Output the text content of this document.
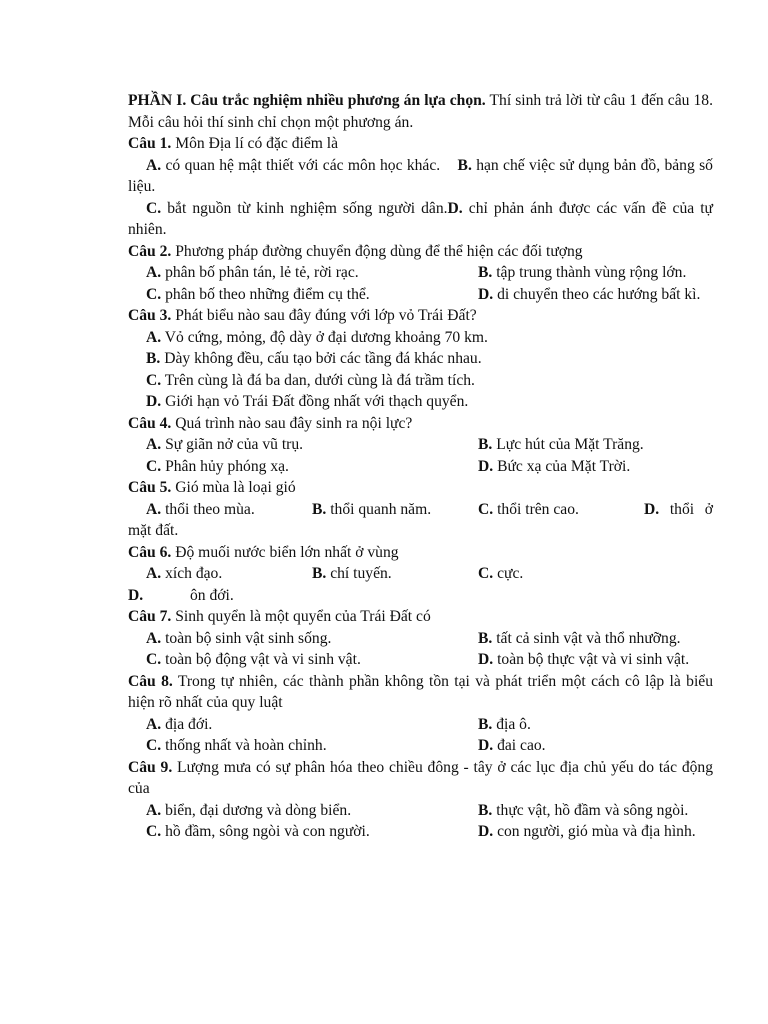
PHẦN I. Câu trắc nghiệm nhiều phương án lựa chọn. Thí sinh trả lời từ câu 1 đến câu 18. Mỗi câu hỏi thí sinh chỉ chọn một phương án.

Câu 1. Môn Địa lí có đặc điểm là

A. có quan hệ mật thiết với các môn học khác. B. hạn chế việc sử dụng bản đồ, bảng số liệu.

C. bắt nguồn từ kinh nghiệm sống người dân.D. chỉ phản ánh được các vấn đề của tự nhiên.

Câu 2. Phương pháp đường chuyển động dùng để thể hiện các đối tượng

A. phân bố phân tán, lẻ tẻ, rời rạc.	B. tập trung thành vùng rộng lớn.

C. phân bố theo những điểm cụ thể.	D. di chuyển theo các hướng bất kì.

Câu 3. Phát biểu nào sau đây đúng với lớp vỏ Trái Đất?

A. Vỏ cứng, mỏng, độ dày ở đại dương khoảng 70 km.

B. Dày không đều, cấu tạo bởi các tầng đá khác nhau.

C. Trên cùng là đá ba dan, dưới cùng là đá trầm tích.

D. Giới hạn vỏ Trái Đất đồng nhất với thạch quyển.

Câu 4. Quá trình nào sau đây sinh ra nội lực?

A. Sự giãn nở của vũ trụ.	B. Lực hút của Mặt Trăng.

C. Phân hủy phóng xạ.	D. Bức xạ của Mặt Trời.

Câu 5. Gió mùa là loại gió

A. thổi theo mùa.	B. thổi quanh năm.	C. thổi trên cao.	D. thổi ở mặt đất.

Câu 6. Độ muối nước biển lớn nhất ở vùng

A. xích đạo.	B. chí tuyến.	C. cực.D.	ôn đới.

Câu 7. Sinh quyển là một quyển của Trái Đất có

A. toàn bộ sinh vật sinh sống.	B. tất cả sinh vật và thổ nhưỡng.

C. toàn bộ động vật và vi sinh vật.	D. toàn bộ thực vật và vi sinh vật.

Câu 8. Trong tự nhiên, các thành phần không tồn tại và phát triển một cách cô lập là biểu hiện rõ nhất của quy luật

A. địa đới.	B. địa ô.

C. thống nhất và hoàn chỉnh.	D. đai cao.

Câu 9. Lượng mưa có sự phân hóa theo chiều đông - tây ở các lục địa chủ yếu do tác động của

A. biển, đại dương và dòng biển.	B. thực vật, hồ đầm và sông ngòi.

C. hồ đầm, sông ngòi và con người.	D. con người, gió mùa và địa hình.
